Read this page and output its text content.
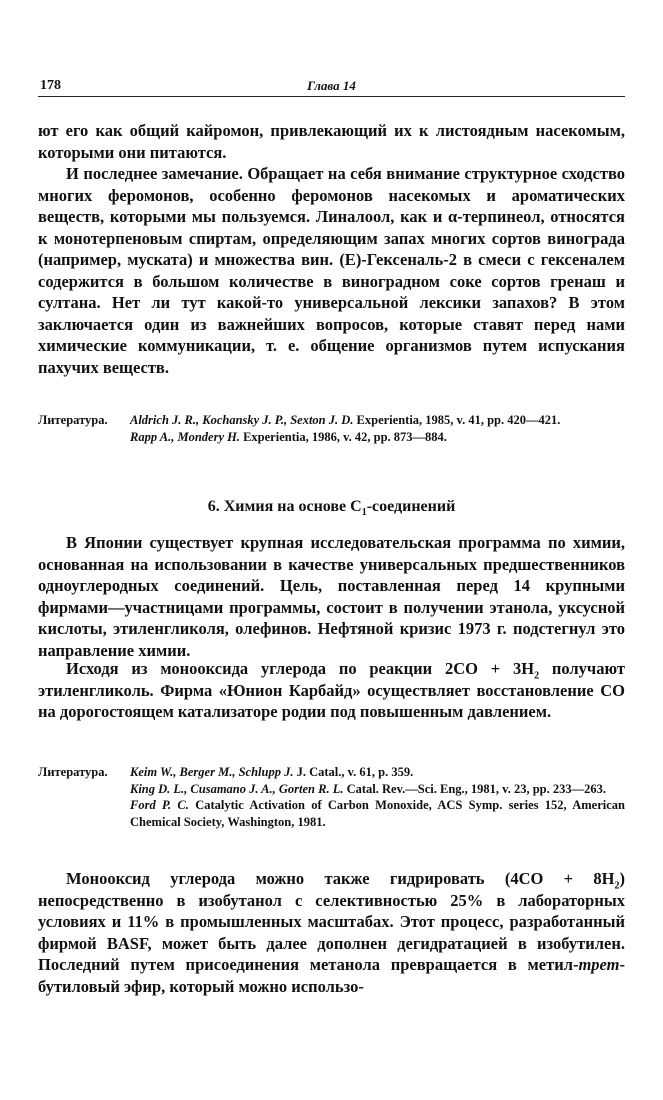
178	Глава 14

ют его как общий кайромон, привлекающий их к листоядным насекомым, которыми они питаются.

И последнее замечание. Обращает на себя внимание структурное сходство многих феромонов, особенно феромонов насекомых и ароматических веществ, которыми мы пользуемся. Линалоол, как и α-терпинеол, относятся к монотерпеновым спиртам, определяющим запах многих сортов винограда (например, муската) и множества вин. (E)-Гексеналь-2 в смеси с гексеналем содержится в большом количестве в виноградном соке сортов гренаш и султана. Нет ли тут какой-то универсальной лексики запахов? В этом заключается один из важнейших вопросов, которые ставят перед нами химические коммуникации, т. е. общение организмов путем испускания пахучих веществ.

Литература.	Aldrich J. R., Kochansky J. P., Sexton J. D. Experientia, 1985, v. 41, pp. 420—421.
Rapp A., Mondery H. Experientia, 1986, v. 42, pp. 873—884.

6. Химия на основе $C_1$-соединений

В Японии существует крупная исследовательская программа по химии, основанная на использовании в качестве универсальных предшественников одноуглеродных соединений. Цель, поставленная перед 14 крупными фирмами—участницами программы, состоит в получении этанола, уксусной кислоты, этиленгликоля, олефинов. Нефтяной кризис 1973 г. подстегнул это направление химии.

Исходя из монооксида углерода по реакции $2CO + 3H_2$ получают этиленгликоль. Фирма «Юнион Карбайд» осуществляет восстановление CO на дорогостоящем катализаторе родии под повышенным давлением.

Литература.	Keim W., Berger M., Schlupp J. J. Catal., v. 61, p. 359.
King D. L., Cusamano J. A., Gorten R. L. Catal. Rev.—Sci. Eng., 1981, v. 23, pp. 233—263.
Ford P. C. Catalytic Activation of Carbon Monoxide, ACS Symp. series 152, American Chemical Society, Washington, 1981.

Монооксид углерода можно также гидрировать $(4CO + 8H_2)$ непосредственно в изобутанол с селективностью 25% в лабораторных условиях и 11% в промышленных масштабах. Этот процесс, разработанный фирмой BASF, может быть далее дополнен дегидратацией в изобутилен. Последний путем присоединения метанола превращается в метил-трет-бутиловый эфир, который можно использо-
